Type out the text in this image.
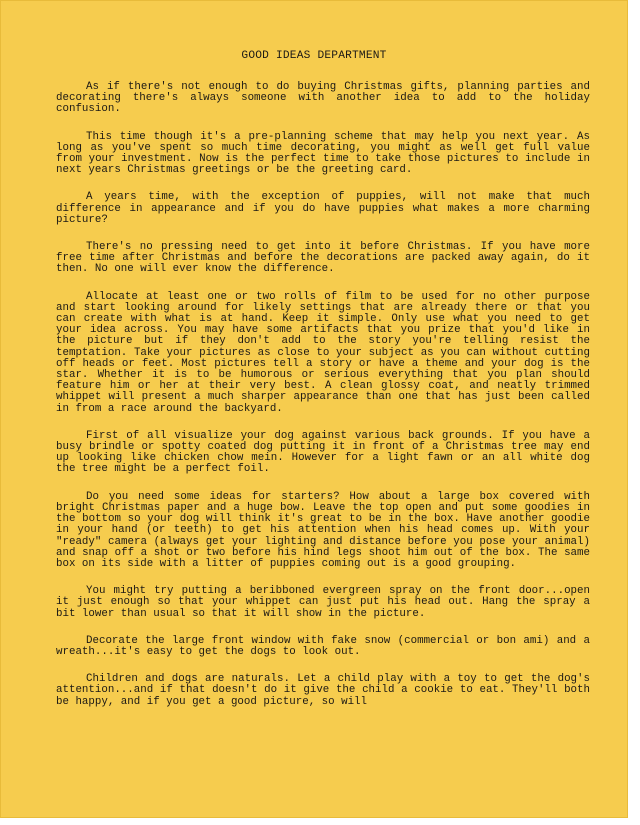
GOOD IDEAS DEPARTMENT

As if there's not enough to do buying Christmas gifts, planning parties and decorating there's always someone with another idea to add to the holiday confusion.

This time though it's a pre-planning scheme that may help you next year. As long as you've spent so much time decorating, you might as well get full value from your investment. Now is the perfect time to take those pictures to include in next years Christmas greetings or be the greeting card.

A years time, with the exception of puppies, will not make that much difference in appearance and if you do have puppies what makes a more charming picture?

There's no pressing need to get into it before Christmas. If you have more free time after Christmas and before the decorations are packed away again, do it then. No one will ever know the difference.

Allocate at least one or two rolls of film to be used for no other purpose and start looking around for likely settings that are already there or that you can create with what is at hand. Keep it simple. Only use what you need to get your idea across. You may have some artifacts that you prize that you'd like in the picture but if they don't add to the story you're telling resist the temptation. Take your pictures as close to your subject as you can without cutting off heads or feet. Most pictures tell a story or have a theme and your dog is the star. Whether it is to be humorous or serious everything that you plan should feature him or her at their very best. A clean glossy coat, and neatly trimmed whippet will present a much sharper appearance than one that has just been called in from a race around the backyard.

First of all visualize your dog against various back grounds. If you have a busy brindle or spotty coated dog putting it in front of a Christmas tree may end up looking like chicken chow mein. However for a light fawn or an all white dog the tree might be a perfect foil.

Do you need some ideas for starters? How about a large box covered with bright Christmas paper and a huge bow. Leave the top open and put some goodies in the bottom so your dog will think it's great to be in the box. Have another goodie in your hand (or teeth) to get his attention when his head comes up. With your "ready" camera (always get your lighting and distance before you pose your animal) and snap off a shot or two before his hind legs shoot him out of the box. The same box on its side with a litter of puppies coming out is a good grouping.

You might try putting a beribboned evergreen spray on the front door...open it just enough so that your whippet can just put his head out. Hang the spray a bit lower than usual so that it will show in the picture.

Decorate the large front window with fake snow (commercial or bon ami) and a wreath...it's easy to get the dogs to look out.

Children and dogs are naturals. Let a child play with a toy to get the dog's attention...and if that doesn't do it give the child a cookie to eat. They'll both be happy, and if you get a good picture, so will
